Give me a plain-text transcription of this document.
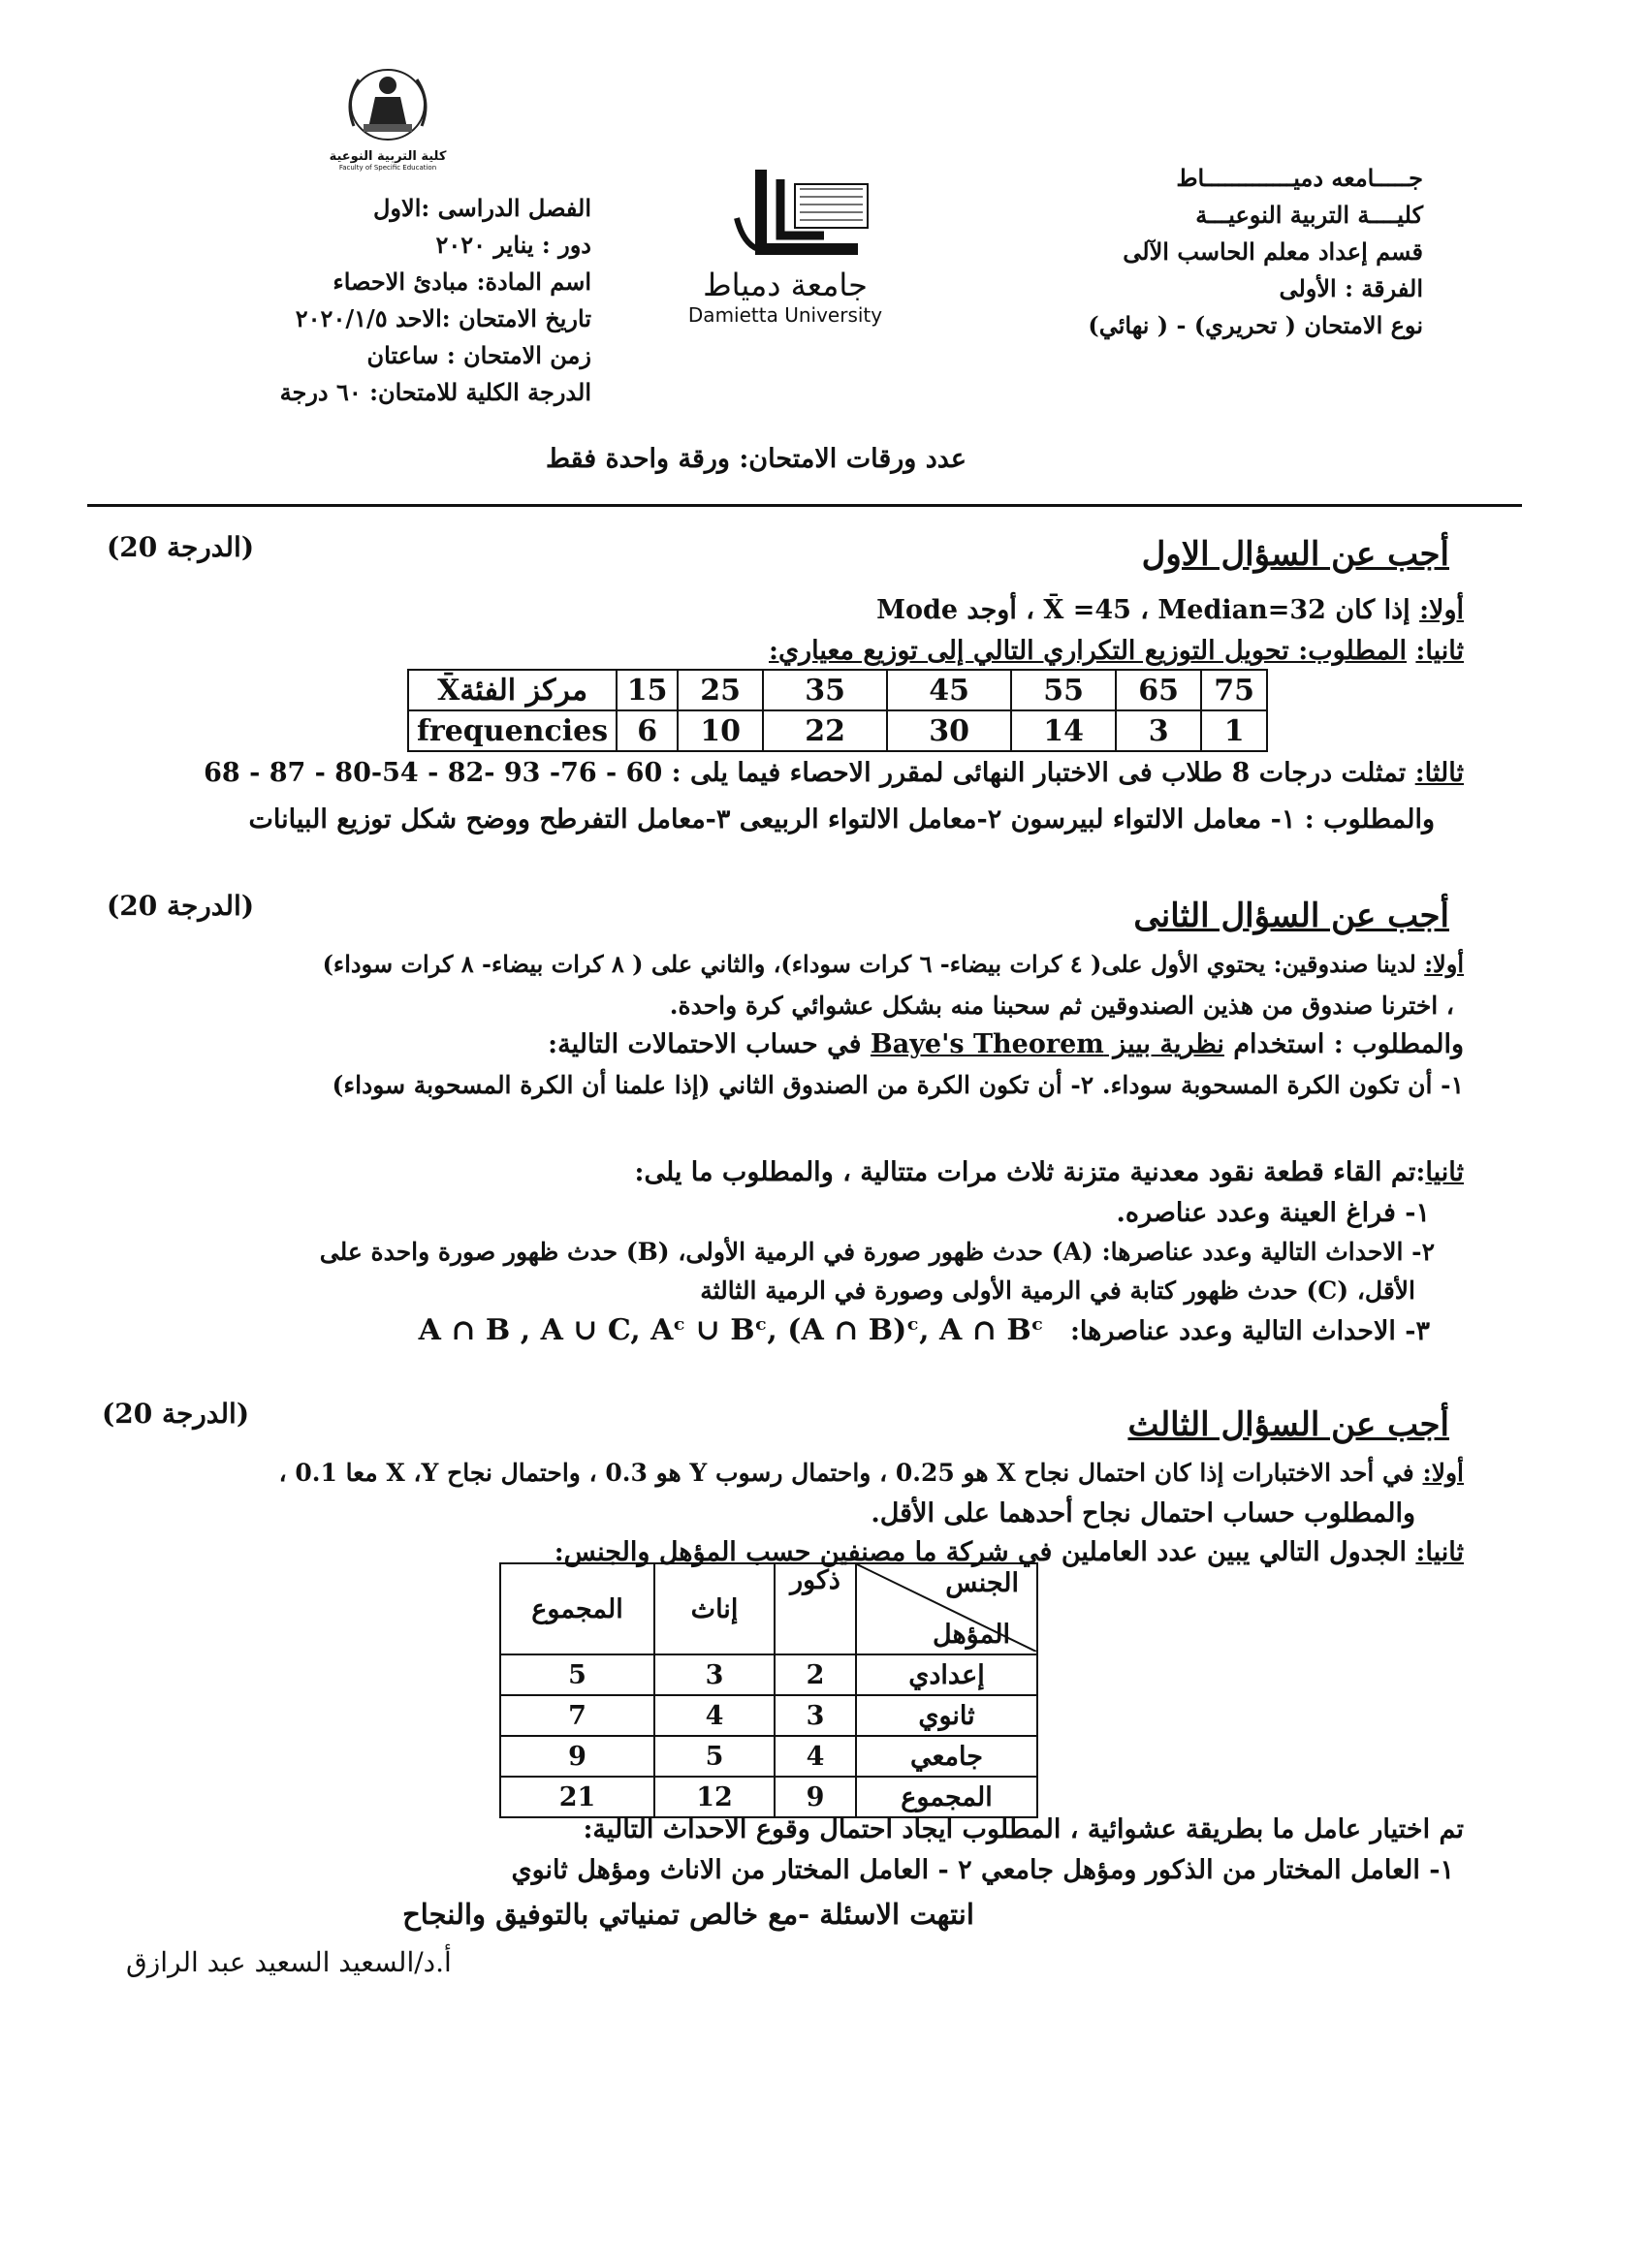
كلية التربية النوعية
Faculty of Specific Education
الفصل الدراسى :الاول
دور : يناير ٢٠٢٠
اسم المادة: مبادئ الاحصاء
تاريخ الامتحان :الاحد ٢٠٢٠/١/٥
زمن الامتحان : ساعتان
الدرجة الكلية للامتحان: ٦٠ درجة
جامعة دمياط
Damietta University
جـــــامعه دميـــــــــــــاط
كليــــة التربية النوعيـــة
قسم إعداد معلم الحاسب الآلى
الفرقة : الأولى
نوع الامتحان ( تحريري) - ( نهائي)
عدد ورقات الامتحان: ورقة واحدة فقط
(الدرجة 20)	أجب عن السؤال الاول
أولا: إذا كان X̄ =45 ، Median=32 ، أوجد Mode
ثانيا: المطلوب: تحويل التوزيع التكراري التالي إلى توزيع معياري:
X̄مركز الفئة	15	25	35	45	55	65	75
frequencies	6	10	22	30	14	3	1
ثالثا: تمثلت درجات 8 طلاب فى الاختبار النهائى لمقرر الاحصاء فيما يلى : 60 - 76- 93 -82 - 54-80 - 87 - 68
والمطلوب : ١- معامل الالتواء لبيرسون ٢-معامل الالتواء الربيعى ٣-معامل التفرطح ووضح شكل توزيع البيانات
(الدرجة 20)	أجب عن السؤال الثانى
أولا: لدينا صندوقين: يحتوي الأول على( ٤ كرات بيضاء- ٦ كرات سوداء)، والثاني على ( ٨ كرات بيضاء- ٨ كرات سوداء)
، اخترنا صندوق من هذين الصندوقين ثم سحبنا منه بشكل عشوائي كرة واحدة.
والمطلوب : استخدام نظرية بييز Baye's Theorem في حساب الاحتمالات التالية:
١- أن تكون الكرة المسحوبة سوداء. ٢- أن تكون الكرة من الصندوق الثاني (إذا علمنا أن الكرة المسحوبة سوداء)
ثانيا:تم القاء قطعة نقود معدنية متزنة ثلاث مرات متتالية ، والمطلوب ما يلى:
١- فراغ العينة وعدد عناصره.
٢- الاحداث التالية وعدد عناصرها: (A) حدث ظهور صورة في الرمية الأولى، (B) حدث ظهور صورة واحدة على
الأقل، (C) حدث ظهور كتابة في الرمية الأولى وصورة في الرمية الثالثة
٣- الاحداث التالية وعدد عناصرها: A ∩ B , A ∪ C, Aᶜ ∪ Bᶜ, (A ∩ B)ᶜ, A ∩ Bᶜ
(الدرجة 20)	أجب عن السؤال الثالث
أولا: في أحد الاختبارات إذا كان احتمال نجاح X هو 0.25 ، واحتمال رسوب Y هو 0.3 ، واحتمال نجاح X ،Y معا 0.1 ،
والمطلوب حساب احتمال نجاح أحدهما على الأقل.
ثانيا: الجدول التالي يبين عدد العاملين في شركة ما مصنفين حسب المؤهل والجنس:
المجموع	إناث	ذكور	الجنس
المؤهل

5	3	2	إعدادي
7	4	3	ثانوي
9	5	4	جامعي
21	12	9	المجموع
تم اختيار عامل ما بطريقة عشوائية ، المطلوب ايجاد احتمال وقوع الاحداث التالية:
١- العامل المختار من الذكور ومؤهل جامعي ٢ - العامل المختار من الاناث ومؤهل ثانوي
انتهت الاسئلة -مع خالص تمنياتي بالتوفيق والنجاح
أ.د/السعيد السعيد عبد الرازق
